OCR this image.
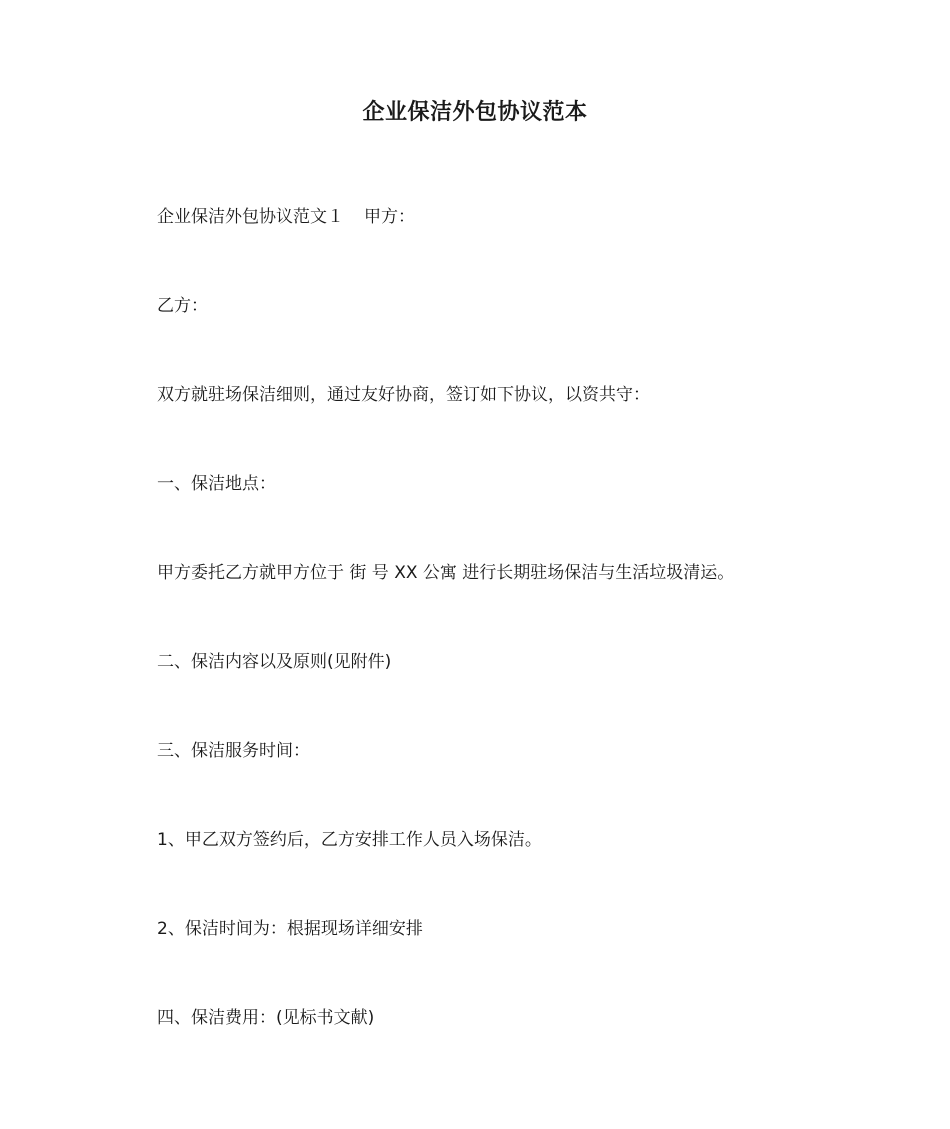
企业保洁外包协议范本
企业保洁外包协议范文１ 甲方：
乙方：
双方就驻场保洁细则，通过友好协商，签订如下协议，以资共守：
一、保洁地点：
甲方委托乙方就甲方位于 街 号 XX 公寓 进行长期驻场保洁与生活垃圾清运。
二、保洁内容以及原则(见附件)
三、保洁服务时间：
1、甲乙双方签约后，乙方安排工作人员入场保洁。
2、保洁时间为：根据现场详细安排
四、保洁费用：(见标书文献)
